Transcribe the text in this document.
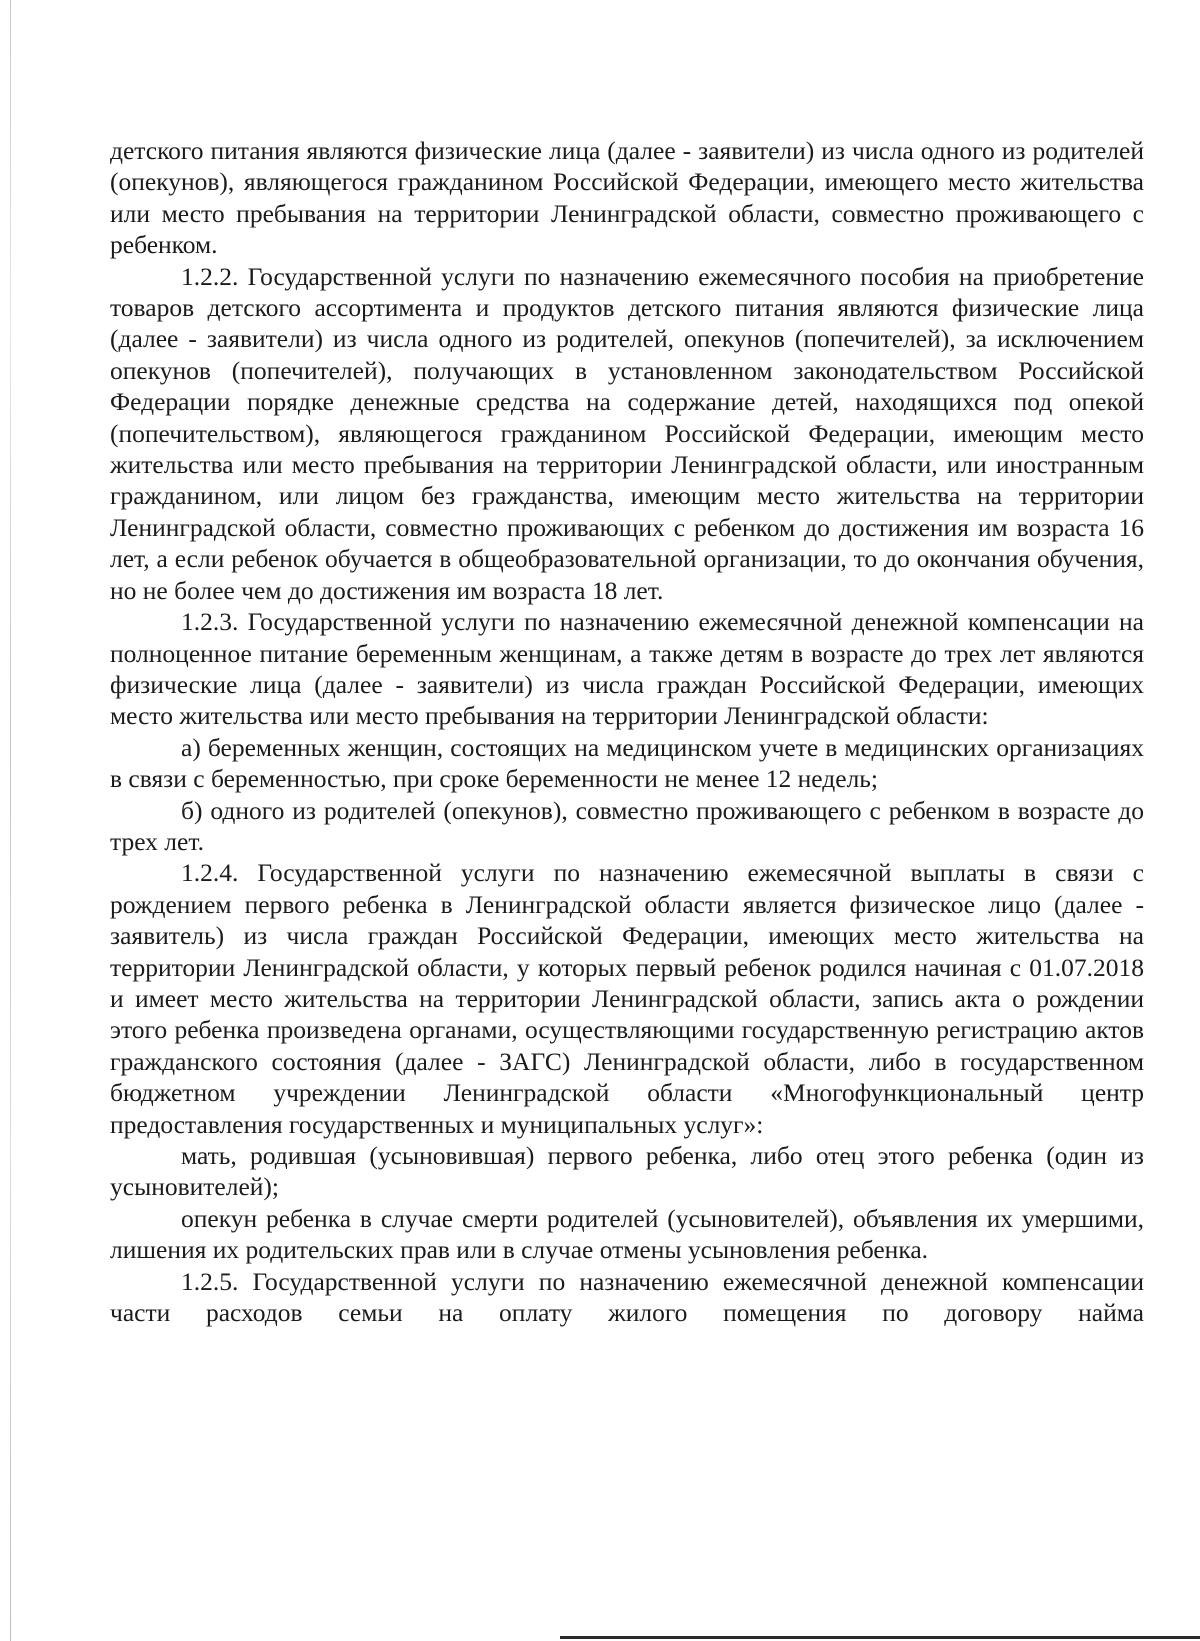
детского питания являются физические лица (далее - заявители) из числа одного из родителей (опекунов), являющегося гражданином Российской Федерации, имеющего место жительства или место пребывания на территории Ленинградской области, совместно проживающего с ребенком.

1.2.2. Государственной услуги по назначению ежемесячного пособия на приобретение товаров детского ассортимента и продуктов детского питания являются физические лица (далее - заявители) из числа одного из родителей, опекунов (попечителей), за исключением опекунов (попечителей), получающих в установленном законодательством Российской Федерации порядке денежные средства на содержание детей, находящихся под опекой (попечительством), являющегося гражданином Российской Федерации, имеющим место жительства или место пребывания на территории Ленинградской области, или иностранным гражданином, или лицом без гражданства, имеющим место жительства на территории Ленинградской области, совместно проживающих с ребенком до достижения им возраста 16 лет, а если ребенок обучается в общеобразовательной организации, то до окончания обучения, но не более чем до достижения им возраста 18 лет.

1.2.3. Государственной услуги по назначению ежемесячной денежной компенсации на полноценное питание беременным женщинам, а также детям в возрасте до трех лет являются физические лица (далее - заявители) из числа граждан Российской Федерации, имеющих место жительства или место пребывания на территории Ленинградской области:

а) беременных женщин, состоящих на медицинском учете в медицинских организациях в связи с беременностью, при сроке беременности не менее 12 недель;

б) одного из родителей (опекунов), совместно проживающего с ребенком в возрасте до трех лет.

1.2.4. Государственной услуги по назначению ежемесячной выплаты в связи с рождением первого ребенка в Ленинградской области является физическое лицо (далее - заявитель) из числа граждан Российской Федерации, имеющих место жительства на территории Ленинградской области, у которых первый ребенок родился начиная с 01.07.2018 и имеет место жительства на территории Ленинградской области, запись акта о рождении этого ребенка произведена органами, осуществляющими государственную регистрацию актов гражданского состояния (далее - ЗАГС) Ленинградской области, либо в государственном бюджетном учреждении Ленинградской области «Многофункциональный центр предоставления государственных и муниципальных услуг»:

мать, родившая (усыновившая) первого ребенка, либо отец этого ребенка (один из усыновителей);

опекун ребенка в случае смерти родителей (усыновителей), объявления их умершими, лишения их родительских прав или в случае отмены усыновления ребенка.

1.2.5. Государственной услуги по назначению ежемесячной денежной компенсации части расходов семьи на оплату жилого помещения по договору найма
